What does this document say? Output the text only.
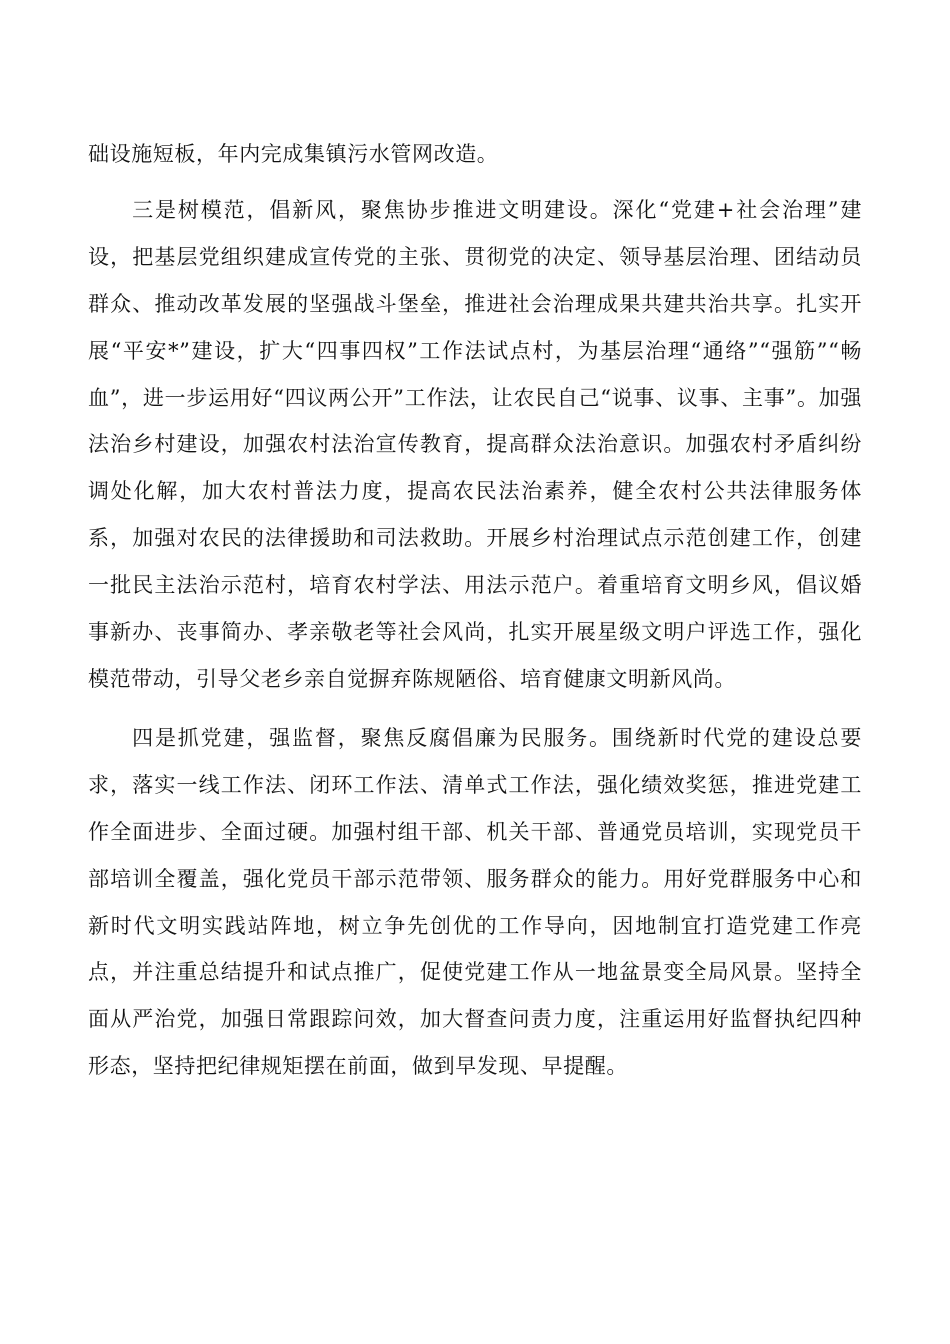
础设施短板，年内完成集镇污水管网改造。

三是树模范，倡新风，聚焦协步推进文明建设。深化“党建+社会治理”建设，把基层党组织建成宣传党的主张、贯彻党的决定、领导基层治理、团结动员群众、推动改革发展的坚强战斗堡垒，推进社会治理成果共建共治共享。扎实开展“平安*”建设，扩大“四事四权”工作法试点村，为基层治理“通络”“强筋”“畅血”，进一步运用好“四议两公开”工作法，让农民自己“说事、议事、主事”。加强法治乡村建设，加强农村法治宣传教育，提高群众法治意识。加强农村矛盾纠纷调处化解，加大农村普法力度，提高农民法治素养，健全农村公共法律服务体系，加强对农民的法律援助和司法救助。开展乡村治理试点示范创建工作，创建一批民主法治示范村，培育农村学法、用法示范户。着重培育文明乡风，倡议婚事新办、丧事简办、孝亲敬老等社会风尚，扎实开展星级文明户评选工作，强化模范带动，引导父老乡亲自觉摒弃陈规陋俗、培育健康文明新风尚。

四是抓党建，强监督，聚焦反腐倡廉为民服务。围绕新时代党的建设总要求，落实一线工作法、闭环工作法、清单式工作法，强化绩效奖惩，推进党建工作全面进步、全面过硬。加强村组干部、机关干部、普通党员培训，实现党员干部培训全覆盖，强化党员干部示范带领、服务群众的能力。用好党群服务中心和新时代文明实践站阵地，树立争先创优的工作导向，因地制宜打造党建工作亮点，并注重总结提升和试点推广，促使党建工作从一地盆景变全局风景。坚持全面从严治党，加强日常跟踪问效，加大督查问责力度，注重运用好监督执纪四种形态，坚持把纪律规矩摆在前面，做到早发现、早提醒。
